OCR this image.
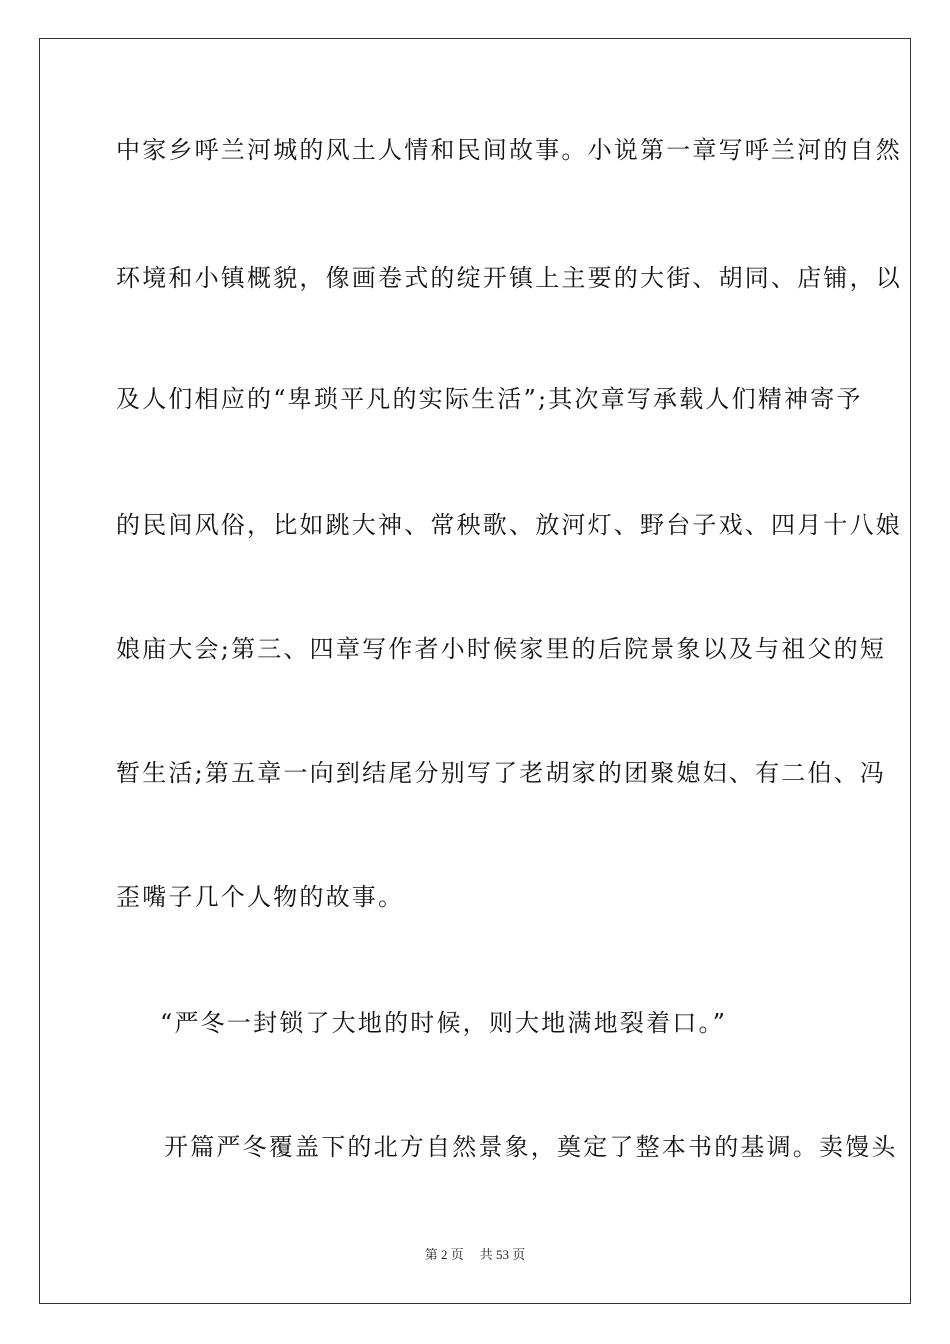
中家乡呼兰河城的风土人情和民间故事。小说第一章写呼兰河的自然
环境和小镇概貌，像画卷式的绽开镇上主要的大街、胡同、店铺，以
及人们相应的“卑琐平凡的实际生活”;其次章写承载人们精神寄予
的民间风俗，比如跳大神、常秧歌、放河灯、野台子戏、四月十八娘
娘庙大会;第三、四章写作者小时候家里的后院景象以及与祖父的短
暂生活;第五章一向到结尾分别写了老胡家的团聚媳妇、有二伯、冯
歪嘴子几个人物的故事。
“严冬一封锁了大地的时候，则大地满地裂着口。”
开篇严冬覆盖下的北方自然景象，奠定了整本书的基调。卖馒头
第 2 页 共 53 页
